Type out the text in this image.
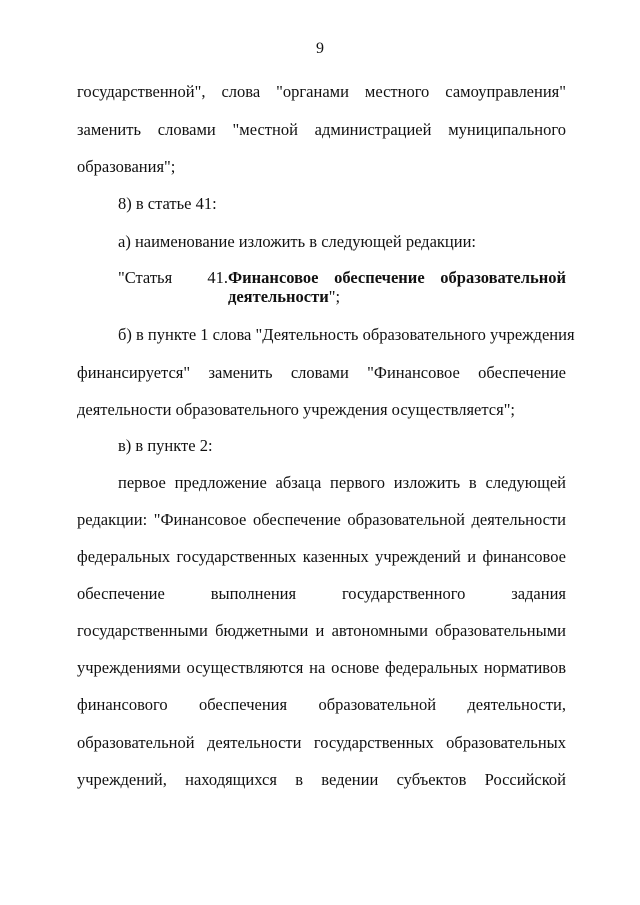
9
государственной", слова "органами местного самоуправления"
заменить словами "местной администрацией муниципального
образования";
8) в статье 41:
а) наименование изложить в следующей редакции:
"Статья 41. Финансовое обеспечение образовательной
деятельности";
б) в пункте 1 слова "Деятельность образовательного учреждения
финансируется" заменить словами "Финансовое обеспечение
деятельности образовательного учреждения осуществляется";
в) в пункте 2:
первое предложение абзаца первого изложить в следующей
редакции: "Финансовое обеспечение образовательной деятельности
федеральных государственных казенных учреждений и финансовое
обеспечение выполнения государственного задания
государственными бюджетными и автономными образовательными
учреждениями осуществляются на основе федеральных нормативов
финансового обеспечения образовательной деятельности,
образовательной деятельности государственных образовательных
учреждений, находящихся в ведении субъектов Российской
